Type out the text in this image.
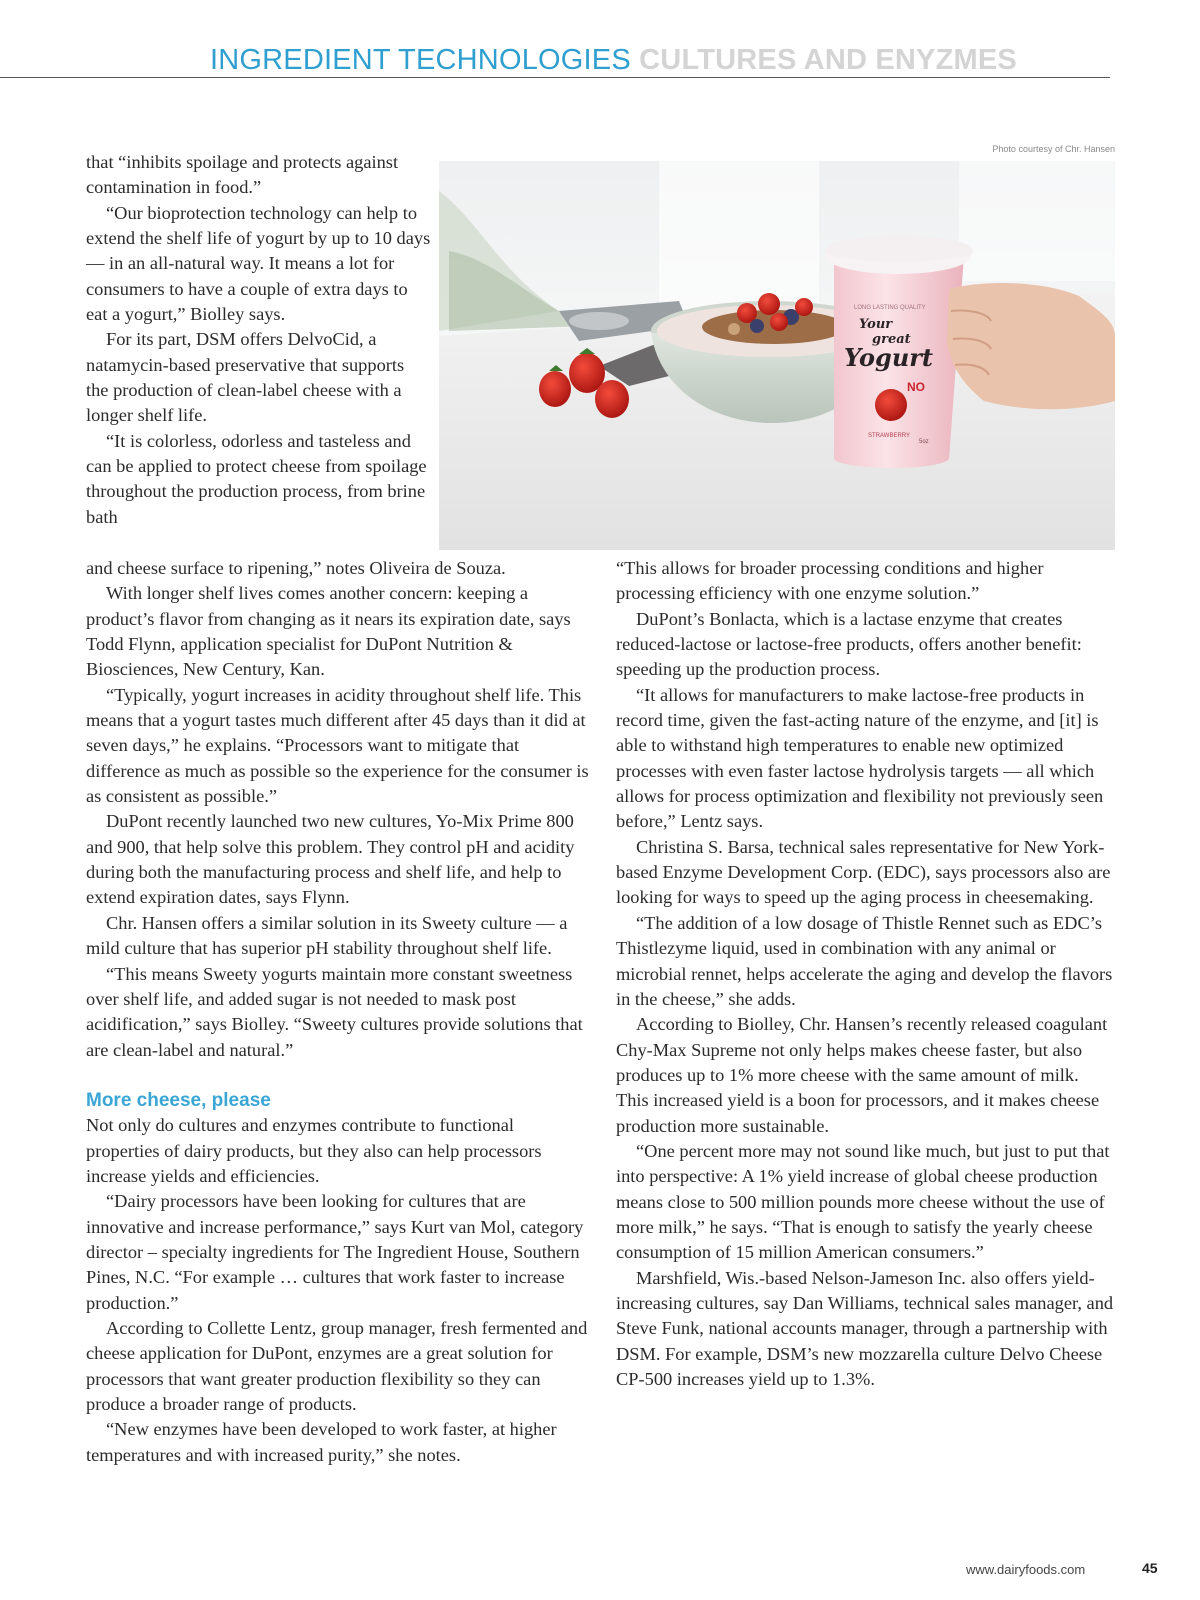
INGREDIENT TECHNOLOGIES CULTURES AND ENYZMES
Photo courtesy of Chr. Hansen
LONG LASTING QUALITY
Your
great
Yogurt
NO
STRAWBERRY
5oz

that “inhibits spoilage and protects against contamination in food.”

“Our bioprotection technology can help to extend the shelf life of yogurt by up to 10 days — in an all-natural way. It means a lot for consumers to have a couple of extra days to eat a yogurt,” Biolley says.

For its part, DSM offers DelvoCid, a natamycin-based preservative that supports the production of clean-label cheese with a longer shelf life.

“It is colorless, odorless and tasteless and can be applied to protect cheese from spoilage throughout the production process, from brine bath

and cheese surface to ripening,” notes Oliveira de Souza.

With longer shelf lives comes another concern: keeping a product’s flavor from changing as it nears its expiration date, says Todd Flynn, application specialist for DuPont Nutrition & Biosciences, New Century, Kan.

“Typically, yogurt increases in acidity throughout shelf life. This means that a yogurt tastes much different after 45 days than it did at seven days,” he explains. “Processors want to mitigate that difference as much as possible so the experience for the consumer is as consistent as possible.”

DuPont recently launched two new cultures, Yo-Mix Prime 800 and 900, that help solve this problem. They control pH and acidity during both the manufacturing process and shelf life, and help to extend expiration dates, says Flynn.

Chr. Hansen offers a similar solution in its Sweety culture — a mild culture that has superior pH stability throughout shelf life.

“This means Sweety yogurts maintain more constant sweetness over shelf life, and added sugar is not needed to mask post acidification,” says Biolley. “Sweety cultures provide solutions that are clean-label and natural.”

More cheese, please

Not only do cultures and enzymes contribute to functional properties of dairy products, but they also can help processors increase yields and efficiencies.

“Dairy processors have been looking for cultures that are innovative and increase performance,” says Kurt van Mol, category director – specialty ingredients for The Ingredient House, Southern Pines, N.C. “For example … cultures that work faster to increase production.”

According to Collette Lentz, group manager, fresh fermented and cheese application for DuPont, enzymes are a great solution for processors that want greater production flexibility so they can produce a broader range of products.

“New enzymes have been developed to work faster, at higher temperatures and with increased purity,” she notes.

“This allows for broader processing conditions and higher processing efficiency with one enzyme solution.”

DuPont’s Bonlacta, which is a lactase enzyme that creates reduced-lactose or lactose-free products, offers another benefit: speeding up the production process.

“It allows for manufacturers to make lactose-free products in record time, given the fast-acting nature of the enzyme, and [it] is able to withstand high temperatures to enable new optimized processes with even faster lactose hydrolysis targets — all which allows for process optimization and flexibility not previously seen before,” Lentz says.

Christina S. Barsa, technical sales representative for New York-based Enzyme Development Corp. (EDC), says processors also are looking for ways to speed up the aging process in cheesemaking.

“The addition of a low dosage of Thistle Rennet such as EDC’s Thistlezyme liquid, used in combination with any animal or microbial rennet, helps accelerate the aging and develop the flavors in the cheese,” she adds.

According to Biolley, Chr. Hansen’s recently released coagulant Chy-Max Supreme not only helps makes cheese faster, but also produces up to 1% more cheese with the same amount of milk. This increased yield is a boon for processors, and it makes cheese production more sustainable.

“One percent more may not sound like much, but just to put that into perspective: A 1% yield increase of global cheese production means close to 500 million pounds more cheese without the use of more milk,” he says. “That is enough to satisfy the yearly cheese consumption of 15 million American consumers.”

Marshfield, Wis.-based Nelson-Jameson Inc. also offers yield-increasing cultures, say Dan Williams, technical sales manager, and Steve Funk, national accounts manager, through a partnership with DSM. For example, DSM’s new mozzarella culture Delvo Cheese CP-500 increases yield up to 1.3%.

www.dairyfoods.com	45
